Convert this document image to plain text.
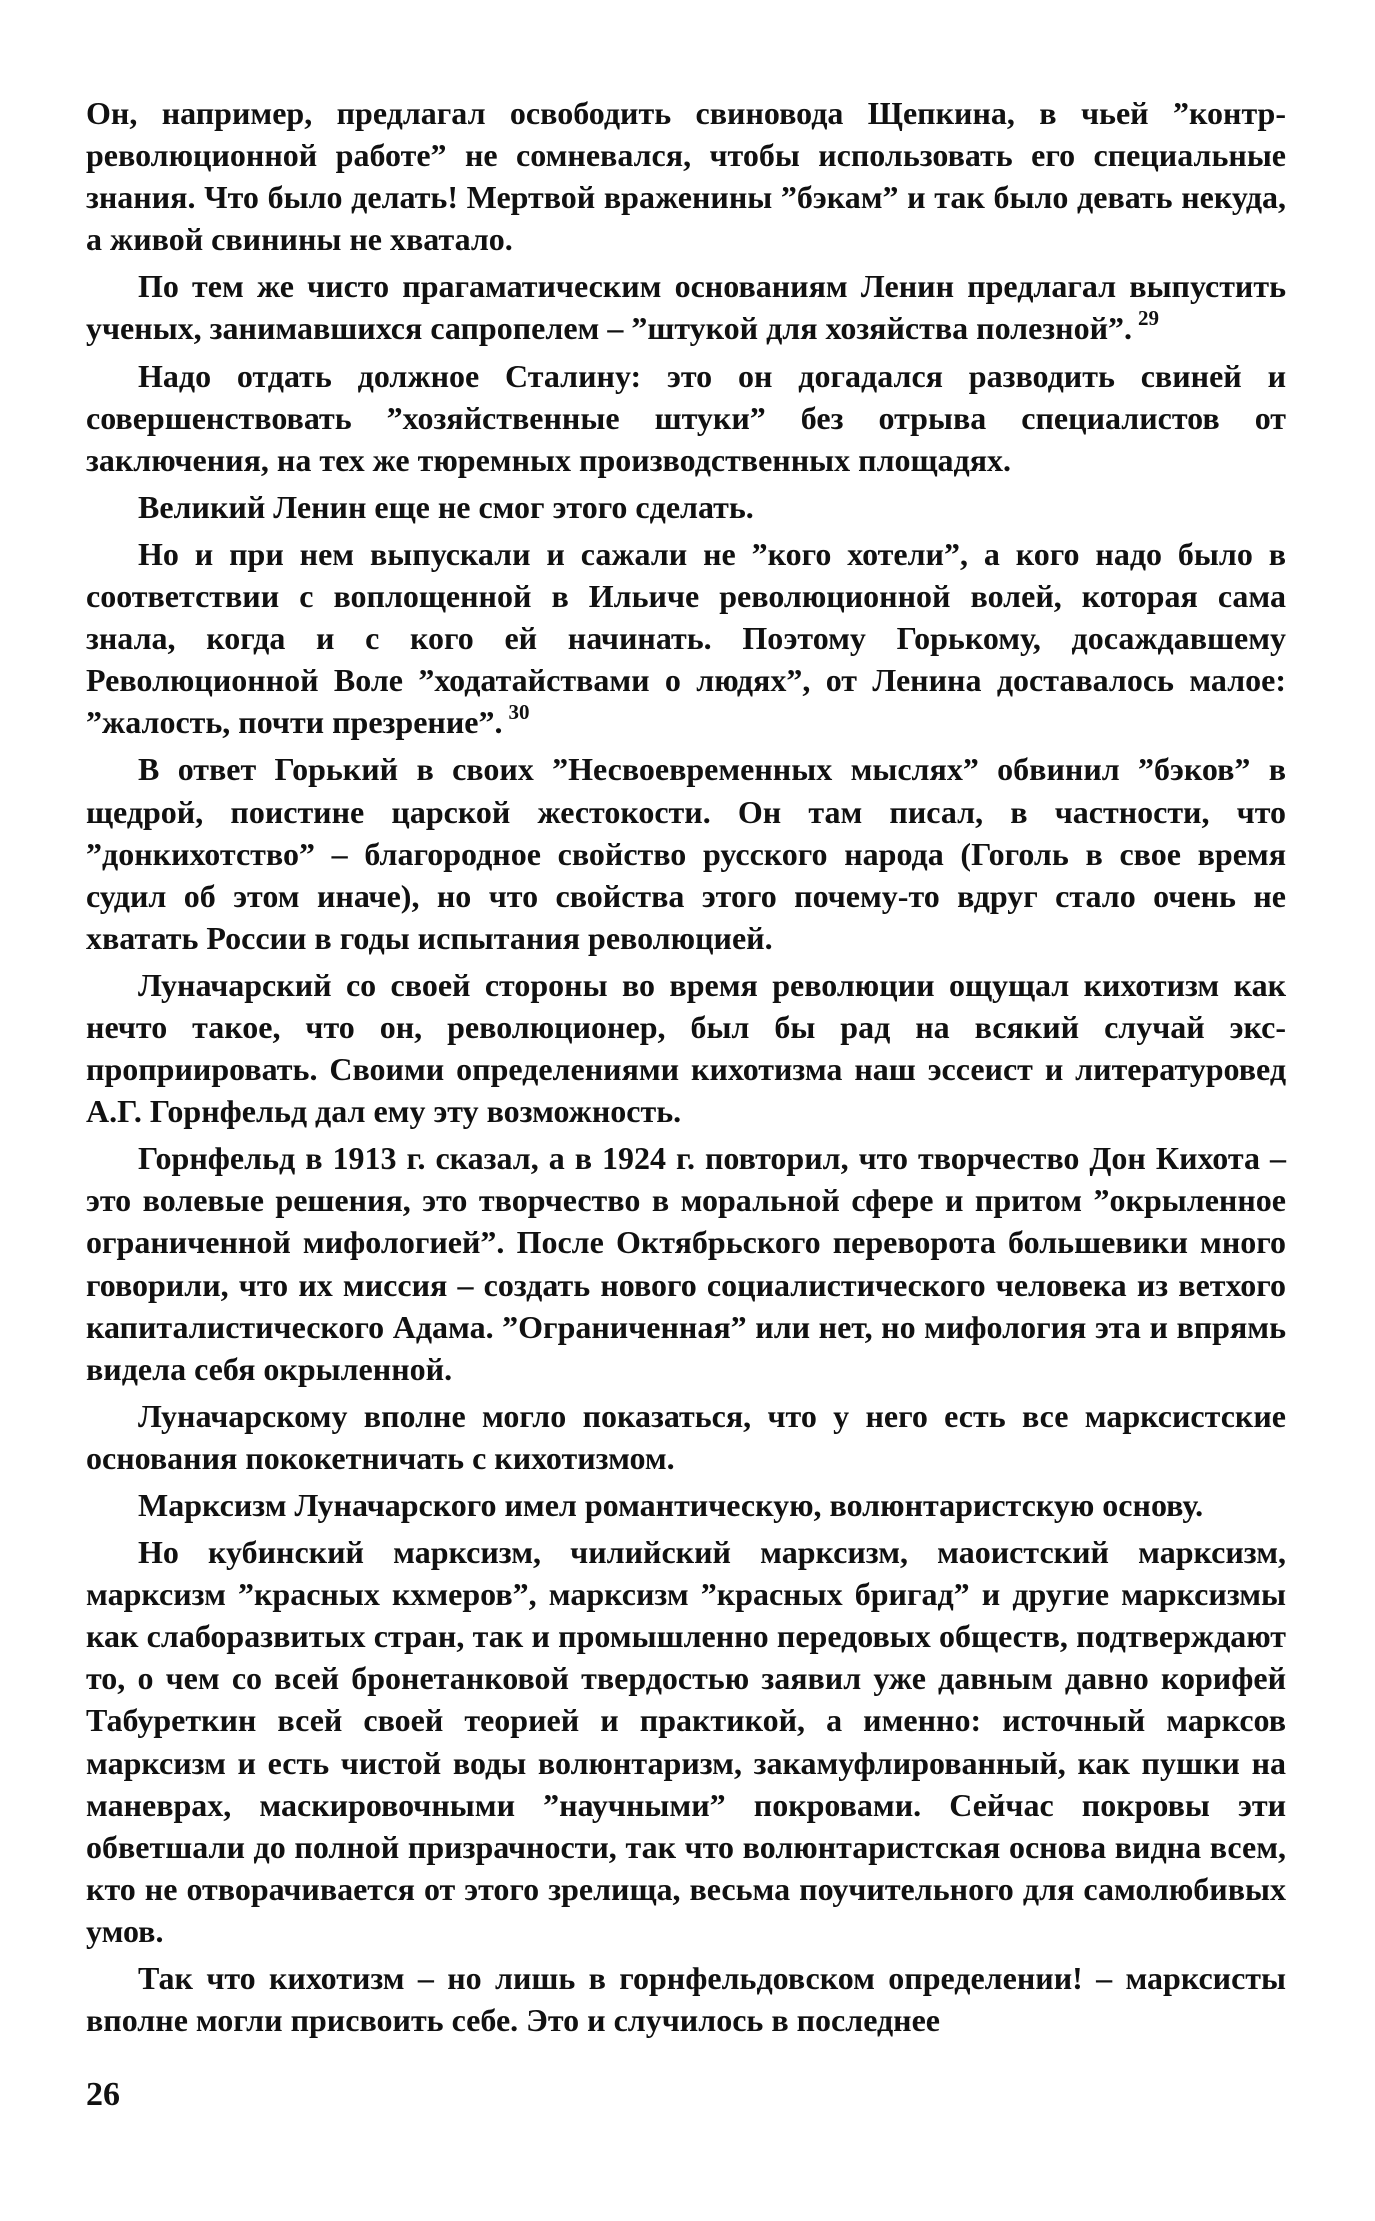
Он, например, предлагал освободить свиновода Щепкина, в чьей ”контрреволюционной работе” не сомневался, чтобы использовать его специальные знания. Что было делать! Мертвой враженины ”бэкам” и так было девать некуда, а живой свинины не хватало.

По тем же чисто прагаматическим основаниям Ленин предлагал выпустить ученых, занимавшихся сапропелем – ”штукой для хозяйства полезной”. $^{29}$

Надо отдать должное Сталину: это он догадался разводить свиней и совершенствовать ”хозяйственные штуки” без отрыва специалистов от заключения, на тех же тюремных производственных площадях.

Великий Ленин еще не смог этого сделать.

Но и при нем выпускали и сажали не ”кого хотели”, а кого надо было в соответствии с воплощенной в Ильиче революционной волей, которая сама знала, когда и с кого ей начинать. Поэтому Горькому, досаждавшему Революционной Воле ”ходатайствами о людях”, от Ленина доставалось малое: ”жалость, почти презрение”. $^{30}$

В ответ Горький в своих ”Несвоевременных мыслях” обвинил ”бэков” в щедрой, поистине царской жестокости. Он там писал, в частности, что ”донкихотство” – благородное свойство русского народа (Гоголь в свое время судил об этом иначе), но что свойства этого почему-то вдруг стало очень не хватать России в годы испытания революцией.

Луначарский со своей стороны во время революции ощущал кихотизм как нечто такое, что он, революционер, был бы рад на всякий случай экспроприировать. Своими определениями кихотизма наш эссеист и литературовед А.Г. Горнфельд дал ему эту возможность.

Горнфельд в 1913 г. сказал, а в 1924 г. повторил, что творчество Дон Кихота – это волевые решения, это творчество в моральной сфере и притом ”окрыленное ограниченной мифологией”. После Октябрьского переворота большевики много говорили, что их миссия – создать нового социалистического человека из ветхого капиталистического Адама. ”Ограниченная” или нет, но мифология эта и впрямь видела себя окрыленной.

Луначарскому вполне могло показаться, что у него есть все марксистские основания пококетничать с кихотизмом.

Марксизм Луначарского имел романтическую, волюнтаристскую основу.

Но кубинский марксизм, чилийский марксизм, маоистский марксизм, марксизм ”красных кхмеров”, марксизм ”красных бригад” и другие марксизмы как слаборазвитых стран, так и промышленно передовых обществ, подтверждают то, о чем со всей бронетанковой твердостью заявил уже давным давно корифей Табуреткин всей своей теорией и практикой, а именно: источный марксов марксизм и есть чистой воды волюнтаризм, закамуфлированный, как пушки на маневрах, маскировочными ”научными” покровами. Сейчас покровы эти обветшали до полной призрачности, так что волюнтаристская основа видна всем, кто не отворачивается от этого зрелища, весьма поучительного для самолюбивых умов.

Так что кихотизм – но лишь в горнфельдовском определении! – марксисты вполне могли присвоить себе. Это и случилось в последнее

26
